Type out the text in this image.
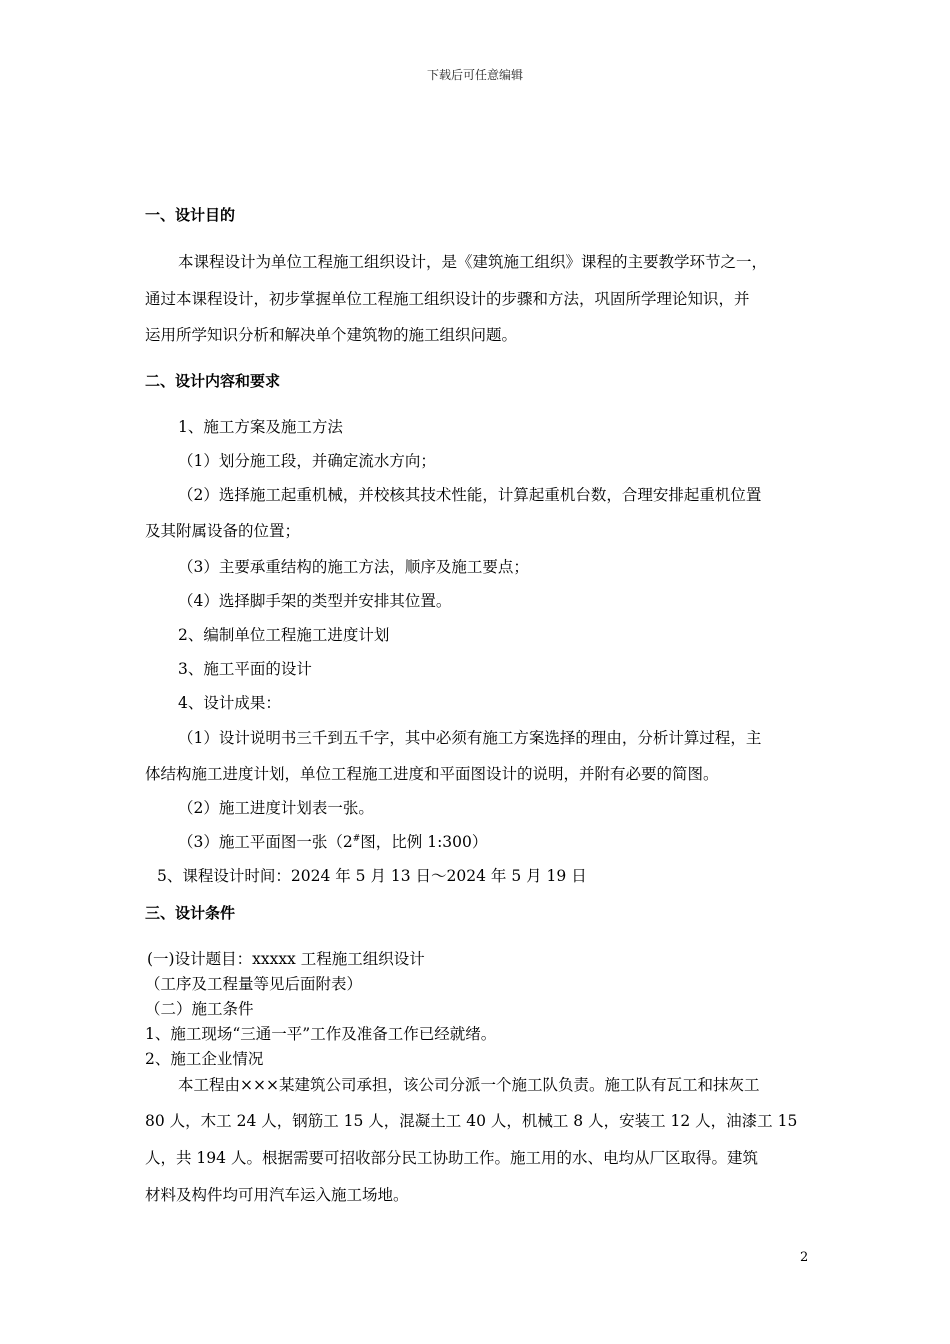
下载后可任意编辑
一、设计目的
本课程设计为单位工程施工组织设计，是《建筑施工组织》课程的主要教学环节之一，
通过本课程设计，初步掌握单位工程施工组织设计的步骤和方法，巩固所学理论知识，并
运用所学知识分析和解决单个建筑物的施工组织问题。
二、设计内容和要求
1、施工方案及施工方法
（1）划分施工段，并确定流水方向；
（2）选择施工起重机械，并校核其技术性能，计算起重机台数，合理安排起重机位置
及其附属设备的位置；
（3）主要承重结构的施工方法，顺序及施工要点；
（4）选择脚手架的类型并安排其位置。
2、编制单位工程施工进度计划
3、施工平面的设计
4、设计成果：
（1）设计说明书三千到五千字，其中必须有施工方案选择的理由，分析计算过程，主
体结构施工进度计划，单位工程施工进度和平面图设计的说明，并附有必要的简图。
（2）施工进度计划表一张。
（3）施工平面图一张（2#图，比例 1:300）
5、课程设计时间：2024 年 5 月 13 日～2024 年 5 月 19 日
三、设计条件
(一)设计题目：xxxxx 工程施工组织设计
（工序及工程量等见后面附表）
（二）施工条件
1、施工现场“三通一平”工作及准备工作已经就绪。
2、施工企业情况
本工程由×××某建筑公司承担，该公司分派一个施工队负责。施工队有瓦工和抹灰工
80 人，木工 24 人，钢筋工 15 人，混凝土工 40 人，机械工 8 人，安装工 12 人，油漆工 15
人，共 194 人。根据需要可招收部分民工协助工作。施工用的水、电均从厂区取得。建筑
材料及构件均可用汽车运入施工场地。
2
